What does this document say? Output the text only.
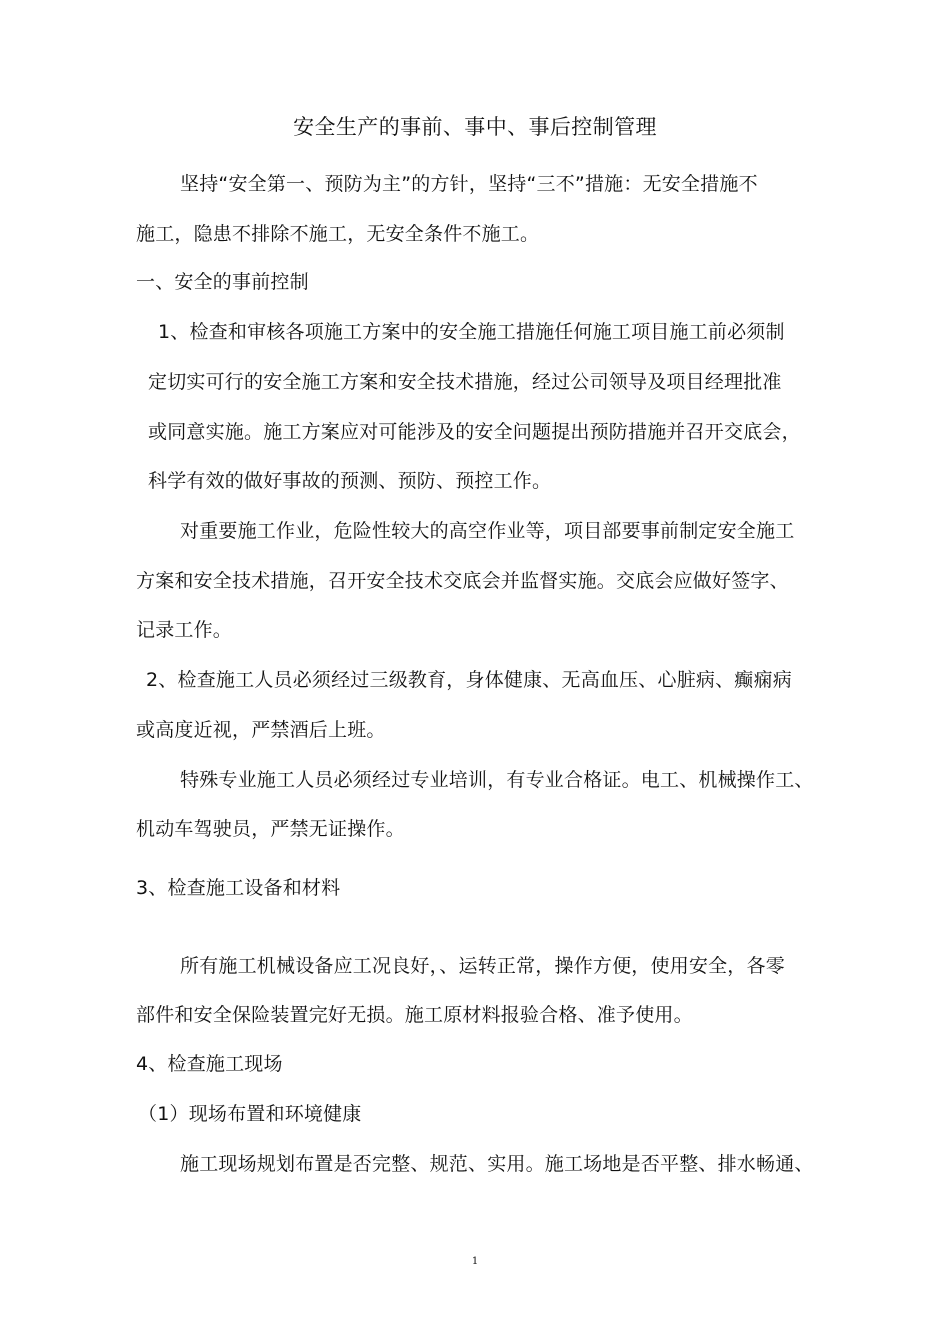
安全生产的事前、事中、事后控制管理
坚持“安全第一、预防为主”的方针，坚持“三不”措施：无安全措施不
施工，隐患不排除不施工，无安全条件不施工。
一、安全的事前控制
1、检查和审核各项施工方案中的安全施工措施任何施工项目施工前必须制
定切实可行的安全施工方案和安全技术措施，经过公司领导及项目经理批准
或同意实施。施工方案应对可能涉及的安全问题提出预防措施并召开交底会，
科学有效的做好事故的预测、预防、预控工作。
对重要施工作业，危险性较大的高空作业等，项目部要事前制定安全施工
方案和安全技术措施，召开安全技术交底会并监督实施。交底会应做好签字、
记录工作。
2、检查施工人员必须经过三级教育，身体健康、无高血压、心脏病、癫痫病
或高度近视，严禁酒后上班。
特殊专业施工人员必须经过专业培训，有专业合格证。电工、机械操作工、
机动车驾驶员，严禁无证操作。
3、检查施工设备和材料
所有施工机械设备应工况良好，、运转正常，操作方便，使用安全，各零
部件和安全保险装置完好无损。施工原材料报验合格、准予使用。
4、检查施工现场
（1）现场布置和环境健康
施工现场规划布置是否完整、规范、实用。施工场地是否平整、排水畅通、
1
